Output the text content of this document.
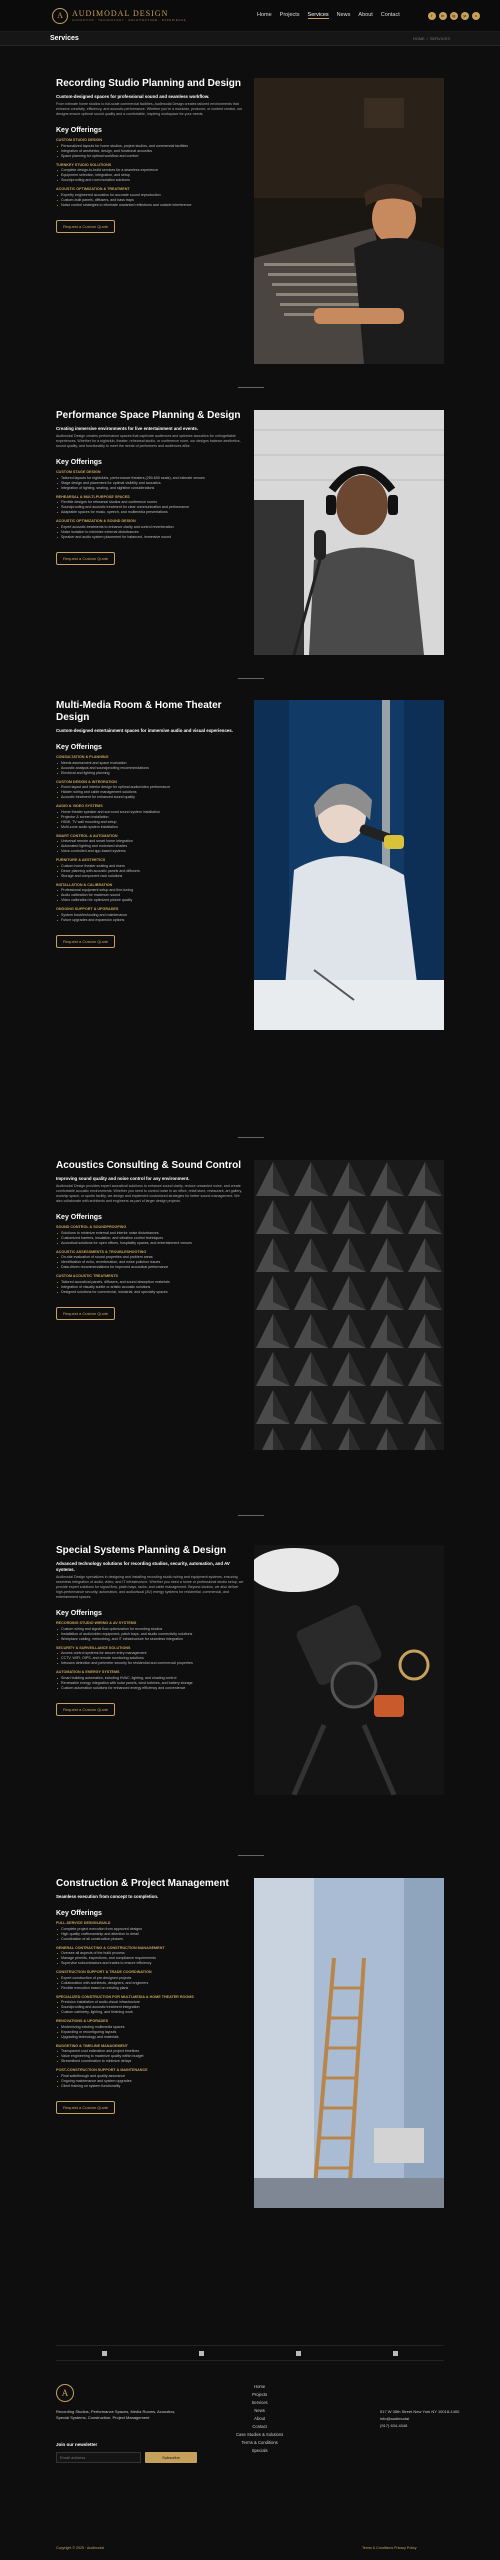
A	AUDIMODAL DESIGN
ACOUSTICS · TECHNOLOGY · ARCHITECTURE · EXPERIENCE
Home Projects Services News About Contact	f	in	ig	yt	x
Services	HOME / SERVICES
Recording Studio Planning and Design
Custom-designed spaces for professional sound and seamless workflow.
From intimate home studios to full-scale commercial facilities, Audimodal Design creates tailored environments that enhance creativity, efficiency, and acoustic performance. Whether you're a musician, producer, or content creator, our designs ensure optimal sound quality and a comfortable, inspiring workspace for your needs.
Key Offerings
CUSTOM STUDIO DESIGN
Personalized layouts for home studios, project studios, and commercial facilities
Integration of aesthetics, design, and functional acoustics
Space planning for optimal workflow and comfort
TURNKEY STUDIO SOLUTIONS
Complete design-to-build services for a seamless experience
Equipment selection, integration, and setup
Soundproofing and room isolation solutions
ACOUSTIC OPTIMIZATION & TREATMENT
Expertly engineered acoustics for accurate sound reproduction
Custom-built panels, diffusers, and bass traps
Noise control strategies to eliminate unwanted reflections and outside interference
Request a Custom Quote
Performance Space Planning & Design
Creating immersive environments for live entertainment and events.
Audimodal Design creates performance spaces that captivate audiences and optimize acoustics for unforgettable experiences. Whether for a nightclub, theater, rehearsal studio, or conference room, our designs balance aesthetics, sound quality, and functionality to meet the needs of performers and audiences alike.
Key Offerings
CUSTOM STAGE DESIGN
Tailored layouts for nightclubs, performance theaters (250-600 seats), and intimate venues
Stage design and placement for optimal visibility and acoustics
Integration of lighting, seating, and sightline considerations
REHEARSAL & MULTI-PURPOSE SPACES
Flexible designs for rehearsal studios and conference rooms
Soundproofing and acoustic treatment for clear communication and performance
Adaptable spaces for music, speech, and multimedia presentations
ACOUSTIC OPTIMIZATION & SOUND DESIGN
Expert acoustic treatments to enhance clarity and control reverberation
Noise isolation to minimize external disturbances
Speaker and audio system placement for balanced, immersive sound
Request a Custom Quote
Multi-Media Room & Home Theater Design
Custom-designed entertainment spaces for immersive audio and visual experiences.
Key Offerings
CONSULTATION & PLANNING
Needs assessment and space evaluation
Acoustic analysis and soundproofing recommendations
Electrical and lighting planning
CUSTOM DESIGN & INTEGRATION
Room layout and interior design for optimal audio/video performance
Hidden wiring and cable management solutions
Acoustic treatment for enhanced sound quality
AUDIO & VIDEO SYSTEMS
Home theater speaker and surround sound system installation
Projector & screen installation
HDMI, TV wall mounting and setup
Multi-zone audio system installation
SMART CONTROL & AUTOMATION
Universal remote and smart home integration
Automated lighting and motorized shades
Voice-controlled and app-based systems
FURNITURE & AESTHETICS
Custom home theater seating and risers
Decor planning with acoustic panels and diffusers
Storage and component rack solutions
INSTALLATION & CALIBRATION
Professional equipment setup and fine-tuning
Audio calibration for maximum sound
Video calibration for optimized picture quality
ONGOING SUPPORT & UPGRADES
System troubleshooting and maintenance
Future upgrades and expansion options
Request a Custom Quote
Acoustics Consulting & Sound Control
Improving sound quality and noise control for any environment.
Audimodal Design provides expert acoustical solutions to enhance sound clarity, reduce unwanted noise, and create comfortable acoustic environments. Whether you need to control noise in an office, retail store, restaurant, art gallery, worship space, or sports facility, we design and implement customized strategies for better sound management. We also collaborate with architects and engineers as part of larger design projects.
Key Offerings
SOUND CONTROL & SOUNDPROOFING
Solutions to minimize external and interior noise disturbances
Customized barriers, insulation, and vibration control techniques
Acoustical solutions for open offices, hospitality spaces, and entertainment venues
ACOUSTIC ASSESSMENTS & TROUBLESHOOTING
On-site evaluation of sound properties and problem areas
Identification of echo, reverberation, and noise pollution issues
Data-driven recommendations for improved acoustical performance
CUSTOM ACOUSTIC TREATMENTS
Tailored acoustical panels, diffusers, and sound absorption materials
Integration of visually subtle or artistic acoustic solutions
Designed solutions for commercial, industrial, and specialty spaces
Request a Custom Quote
Special Systems Planning & Design
Advanced technology solutions for recording studios, security, automation, and AV systems.
Audimodal Design specializes in designing and installing recording studio wiring and equipment systems, ensuring seamless integration of audio, video, and IT infrastructure. Whether you need a home or professional studio setup, we provide expert solutions for signal flow, patch bays, racks, and cable management. Beyond studios, we also deliver high-performance security, automation, and audiovisual (AV) energy systems for residential, commercial, and entertainment spaces.
Key Offerings
RECORDING STUDIO WIRING & AV SYSTEMS
Custom wiring and signal flow optimization for recording studios
Installation of audio/video equipment, patch bays, and studio connectivity solutions
Workplace cabling, networking, and IT infrastructure for seamless integration
SECURITY & SURVEILLANCE SOLUTIONS
Access control systems for secure entry management
CCTV, WIFI, OIPS, and remote monitoring solutions
Intrusion detection and perimeter security for residential and commercial properties
AUTOMATION & ENERGY SYSTEMS
Smart building automation, including HVAC, lighting, and shading control
Renewable energy integration with solar panels, wind turbines, and battery storage
Custom automation solutions for enhanced energy efficiency and convenience
Request a Custom Quote
Construction & Project Management
Seamless execution from concept to completion.
Key Offerings
FULL-SERVICE DESIGN-BUILD
Complete project execution from approved designs
High-quality craftsmanship and attention to detail
Coordination of all construction phases
GENERAL CONTRACTING & CONSTRUCTION MANAGEMENT
Oversee all aspects of the build process
Manage permits, inspections, and compliance requirements
Supervise subcontractors and trades to ensure efficiency
CONSTRUCTION SUPPORT & TRADE COORDINATION
Expert construction of pre-designed projects
Collaboration with architects, designers, and engineers
Flexible execution based on existing plans
SPECIALIZED CONSTRUCTION FOR MULTI-MEDIA & HOME THEATER ROOMS
Precision installation of audio-visual infrastructure
Soundproofing and acoustic treatment integration
Custom cabinetry, lighting, and finishing work
RENOVATIONS & UPGRADES
Modernizing existing multimedia spaces
Expanding or reconfiguring layouts
Upgrading technology and materials
BUDGETING & TIMELINE MANAGEMENT
Transparent cost estimation and project timelines
Value engineering to maximize quality within budget
Streamlined coordination to minimize delays
POST-CONSTRUCTION SUPPORT & MAINTENANCE
Final walkthrough and quality assurance
Ongoing maintenance and system upgrades
Client training on system functionality
Request a Custom Quote
A
Recording Studios, Performance Spaces, Media Rooms, Acoustics, Special Systems, Construction, Project Management
Join our newsletter
Email address
Subscribe
Home
Projects
Services
News
About
Contact
Case Studies & Solutions
Terms & Conditions
Specials
517 W 35th Street New York NY 10018-1400
info@audimodal
(917) 634-4348
Copyright © 2025 · Audimodal	Terms & Conditions Privacy Policy
